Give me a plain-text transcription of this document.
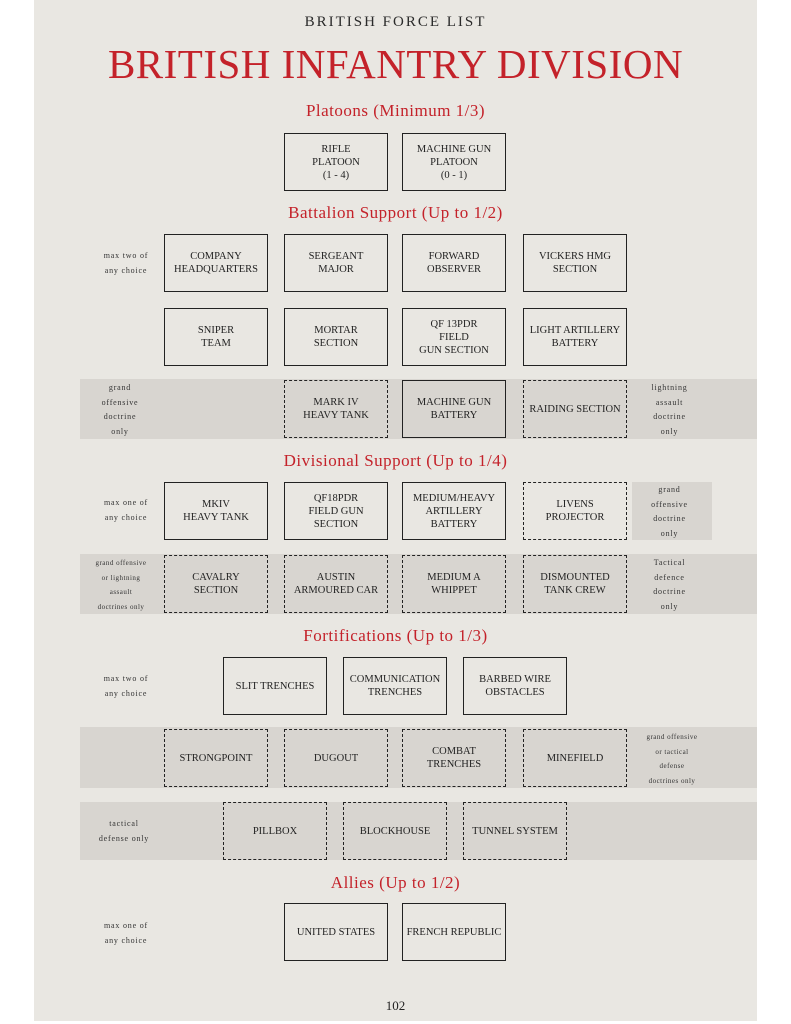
BRITISH FORCE LIST
BRITISH INFANTRY DIVISION
Platoons (Minimum 1/3)
RIFLE
PLATOON
(1 - 4)
MACHINE GUN
PLATOON
(0 - 1)
Battalion Support (Up to 1/2)
max two of
any choice
COMPANY
HEADQUARTERS
SERGEANT
MAJOR
FORWARD
OBSERVER
VICKERS HMG
SECTION
SNIPER
TEAM
MORTAR
SECTION
QF 13PDR
FIELD
GUN SECTION
LIGHT ARTILLERY
BATTERY
grand
offensive
doctrine
only
MARK IV
HEAVY TANK
MACHINE GUN
BATTERY
RAIDING SECTION
lightning
assault
doctrine
only
Divisional Support (Up to 1/4)
max one of
any choice
MKIV
HEAVY TANK
QF18PDR
FIELD GUN
SECTION
MEDIUM/HEAVY
ARTILLERY
BATTERY
LIVENS
PROJECTOR
grand
offensive
doctrine
only
grand offensive
or lightning
assault
doctrines only
CAVALRY
SECTION
AUSTIN
ARMOURED CAR
MEDIUM A
WHIPPET
DISMOUNTED
TANK CREW
Tactical
defence
doctrine
only
Fortifications (Up to 1/3)
max two of
any choice
SLIT TRENCHES
COMMUNICATION
TRENCHES
BARBED WIRE
OBSTACLES
STRONGPOINT	DUGOUT
COMBAT
TRENCHES
MINEFIELD
grand offensive
or tactical
defense
doctrines only
tactical
defense only
PILLBOX	BLOCKHOUSE	TUNNEL SYSTEM
Allies (Up to 1/2)
max one of
any choice
UNITED STATES	FRENCH REPUBLIC
102
